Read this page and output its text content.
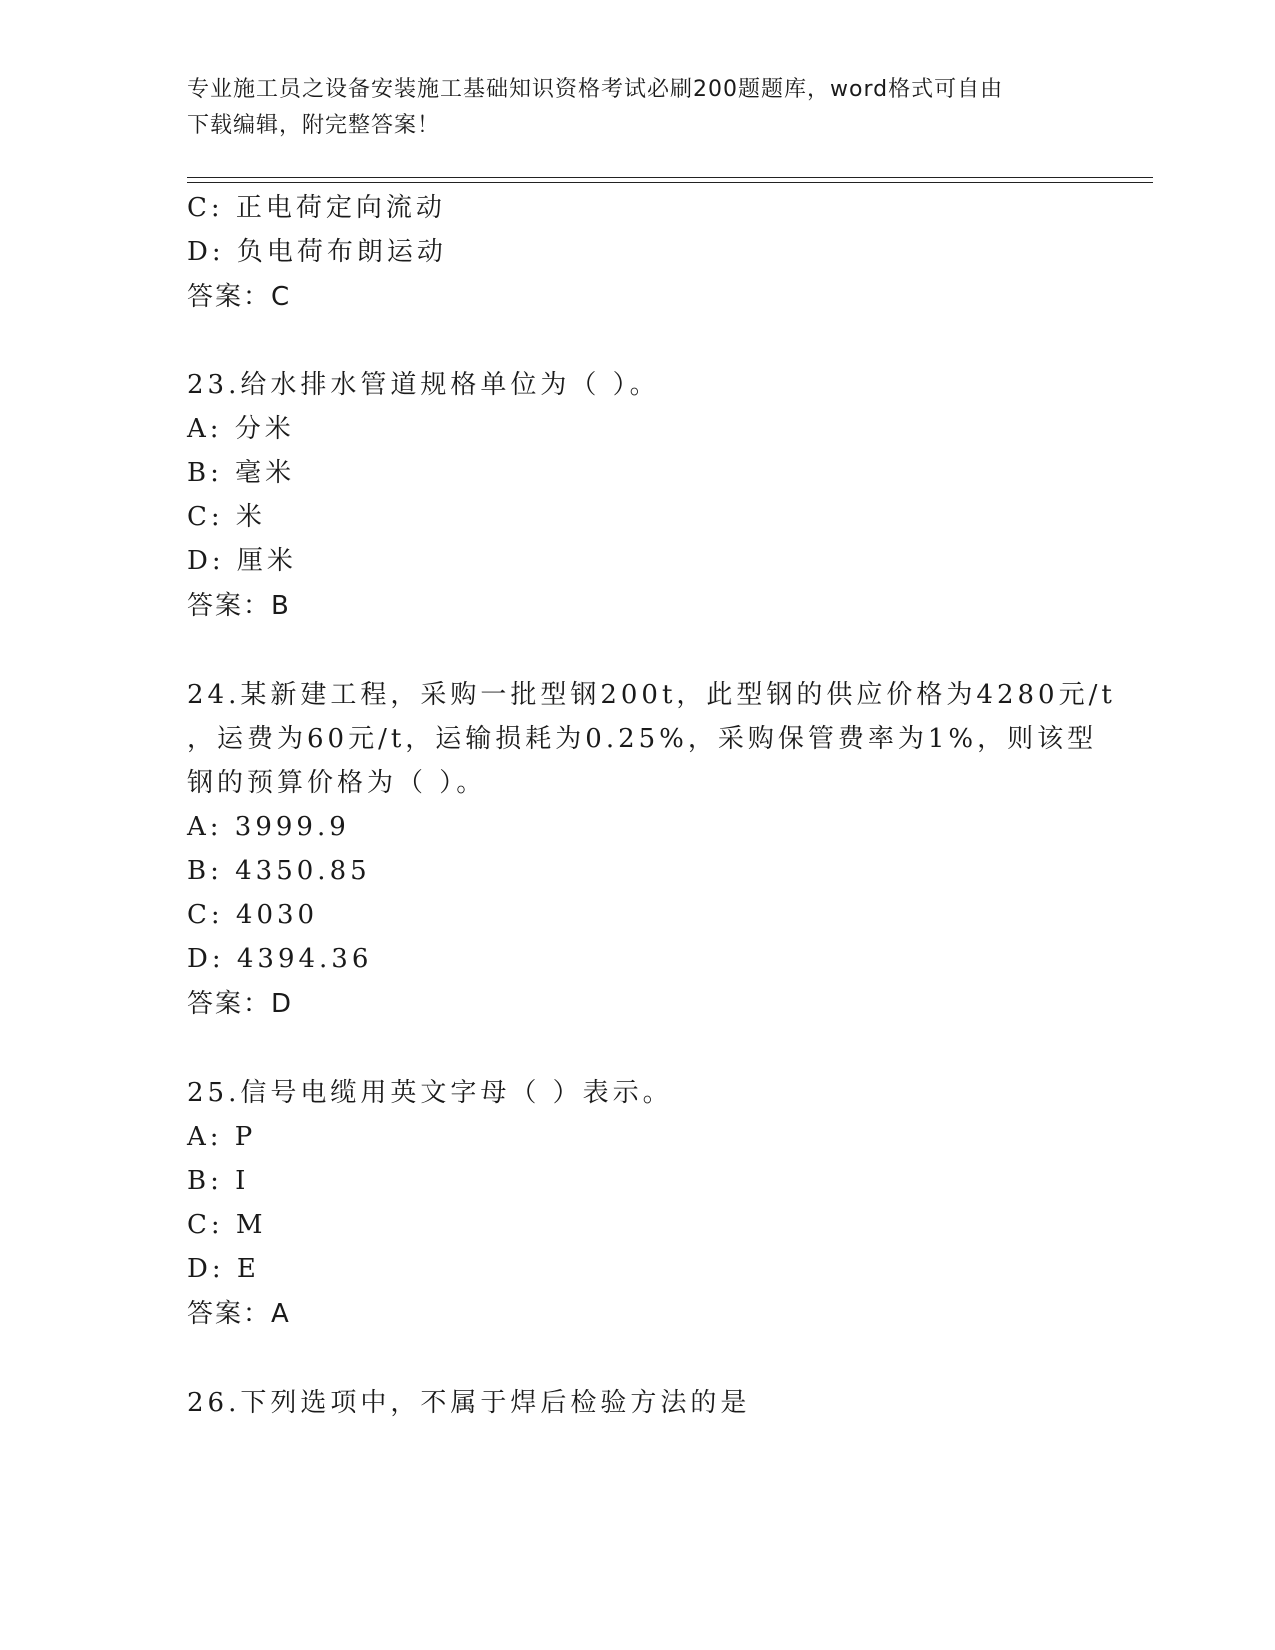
专业施工员之设备安装施工基础知识资格考试必刷200题题库，word格式可自由
下载编辑，附完整答案！
C: 正电荷定向流动
D: 负电荷布朗运动
答案：C
23.给水排水管道规格单位为（ ）。
A: 分米
B: 毫米
C: 米
D: 厘米
答案：B
24.某新建工程，采购一批型钢200t，此型钢的供应价格为4280元/t
，运费为60元/t，运输损耗为0.25%，采购保管费率为1%，则该型
钢的预算价格为（ ）。
A: 3999.9
B: 4350.85
C: 4030
D: 4394.36
答案：D
25.信号电缆用英文字母（ ）表示。
A: P
B: I
C: M
D: E
答案：A
26.下列选项中，不属于焊后检验方法的是
